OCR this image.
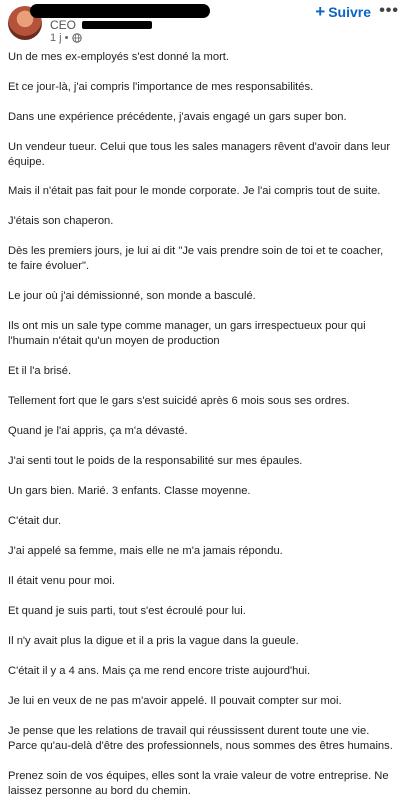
CEO
1 j •
+ Suivre •••

Un de mes ex-employés s'est donné la mort.

Et ce jour-là, j'ai compris l'importance de mes responsabilités.

Dans une expérience précédente, j'avais engagé un gars super bon.

Un vendeur tueur. Celui que tous les sales managers rêvent d'avoir dans leur équipe.

Mais il n'était pas fait pour le monde corporate. Je l'ai compris tout de suite.

J'étais son chaperon.

Dès les premiers jours, je lui ai dit "Je vais prendre soin de toi et te coacher, te faire évoluer".

Le jour où j'ai démissionné, son monde a basculé.

Ils ont mis un sale type comme manager, un gars irrespectueux pour qui l'humain n'était qu'un moyen de production

Et il l'a brisé.

Tellement fort que le gars s'est suicidé après 6 mois sous ses ordres.

Quand je l'ai appris, ça m'a dévasté.

J'ai senti tout le poids de la responsabilité sur mes épaules.

Un gars bien. Marié. 3 enfants. Classe moyenne.

C'était dur.

J'ai appelé sa femme, mais elle ne m'a jamais répondu.

Il était venu pour moi.

Et quand je suis parti, tout s'est écroulé pour lui.

Il n'y avait plus la digue et il a pris la vague dans la gueule.

C'était il y a 4 ans. Mais ça me rend encore triste aujourd'hui.

Je lui en veux de ne pas m'avoir appelé. Il pouvait compter sur moi.

Je pense que les relations de travail qui réussissent durent toute une vie. Parce qu'au-delà d'être des professionnels, nous sommes des êtres humains.

Prenez soin de vos équipes, elles sont la vraie valeur de votre entreprise. Ne laissez personne au bord du chemin.
